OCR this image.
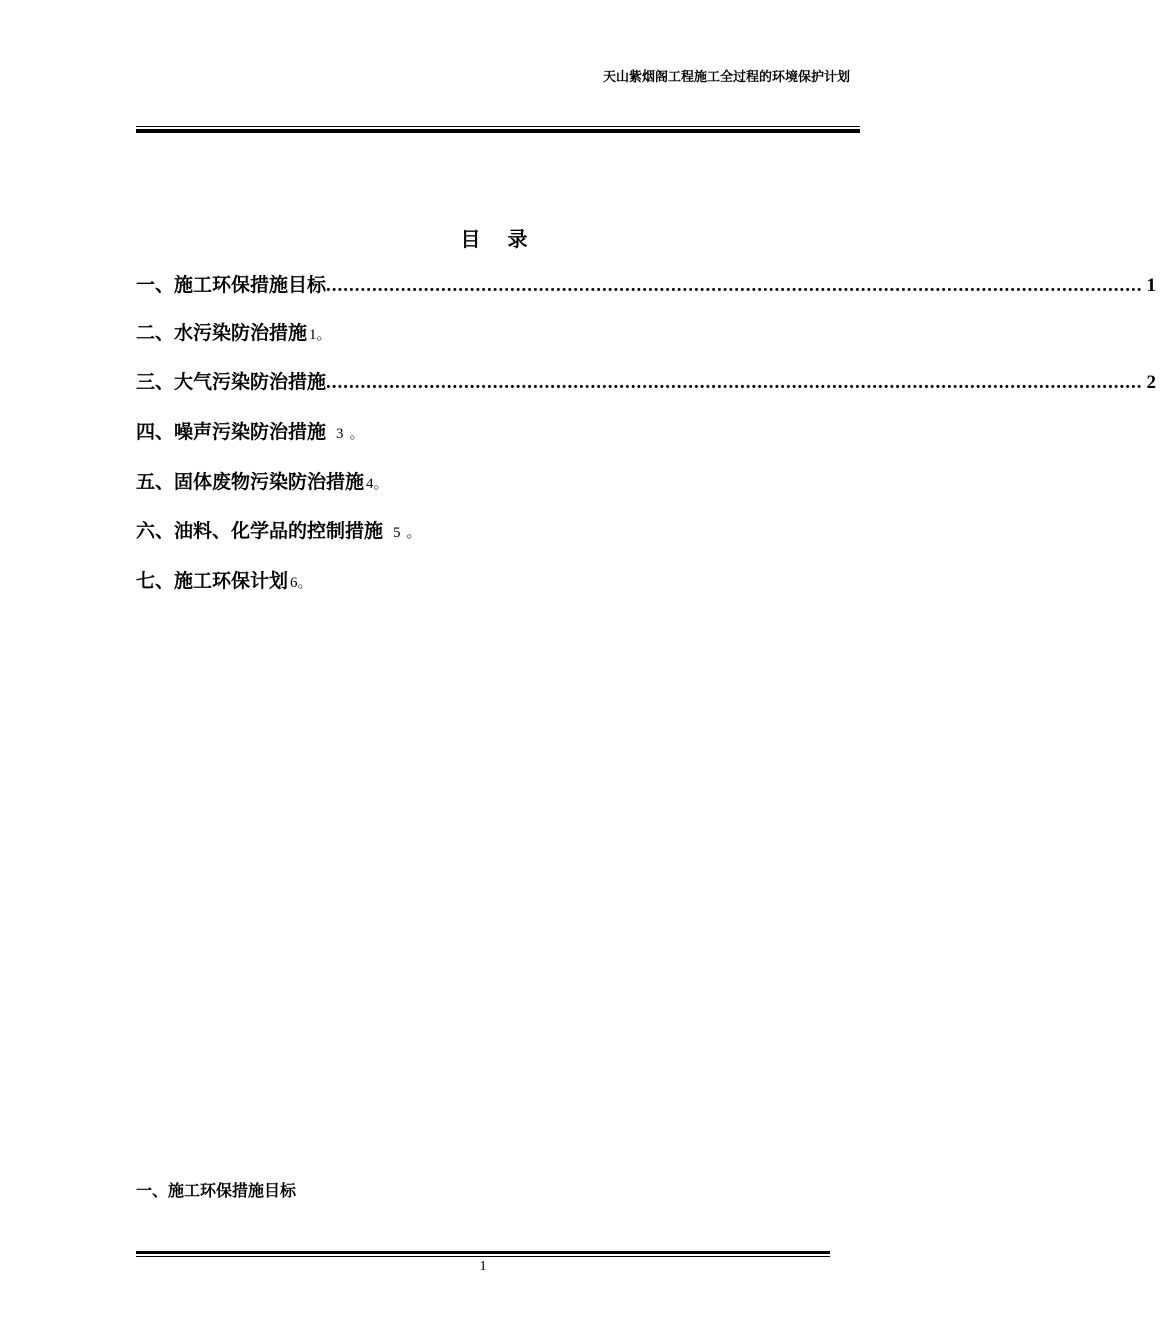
天山紫烟阁工程施工全过程的环境保护计划
目 录
一、施工环保措施目标 .............................................................................................................................................. 1
二、水污染防治措施 1。
三、大气污染防治措施 .............................................................................................................................................. 2
四、噪声污染防治措施 3。
五、固体废物污染防治措施 4。
六、油料、化学品的控制措施 5。
七、施工环保计划 6。
一、施工环保措施目标
1
